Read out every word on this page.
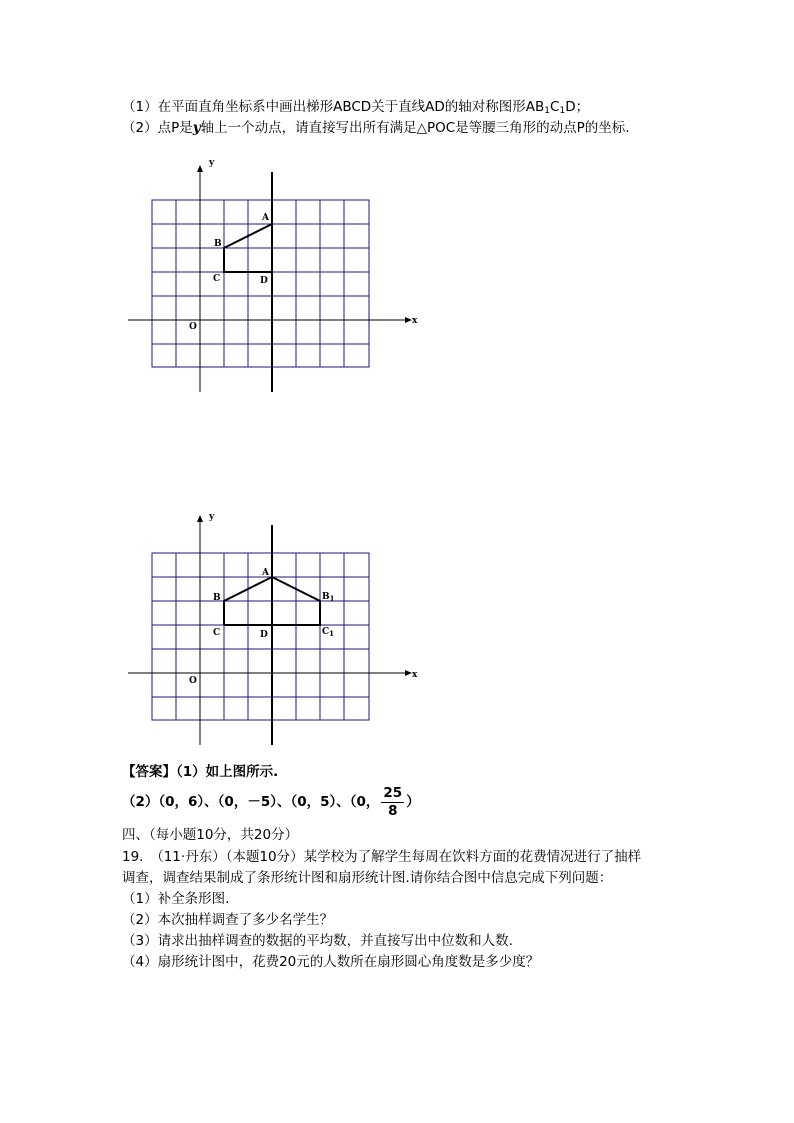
（1）在平面直角坐标系中画出梯形ABCD关于直线AD的轴对称图形$AB_1C_1D$；
（2）点P是y轴上一个动点，请直接写出所有满足△POC是等腰三角形的动点P的坐标.
y
x
A
B
C	D
O
y
x
A
B
C	D
O
$B_1$
$C_1$
【答案】（1）如上图所示.
（2）（0，6）、（0，－5）、（0，5）、（0， $\frac{25}{8}$ ）
四、（每小题10分，共20分）
19.　（11·丹东）（本题10分）某学校为了解学生每周在饮料方面的花费情况进行了抽样
调查，调查结果制成了条形统计图和扇形统计图.请你结合图中信息完成下列问题：
（1）补全条形图.
（2）本次抽样调查了多少名学生？
（3）请求出抽样调查的数据的平均数，并直接写出中位数和人数.
（4）扇形统计图中，花费20元的人数所在扇形圆心角度数是多少度？
